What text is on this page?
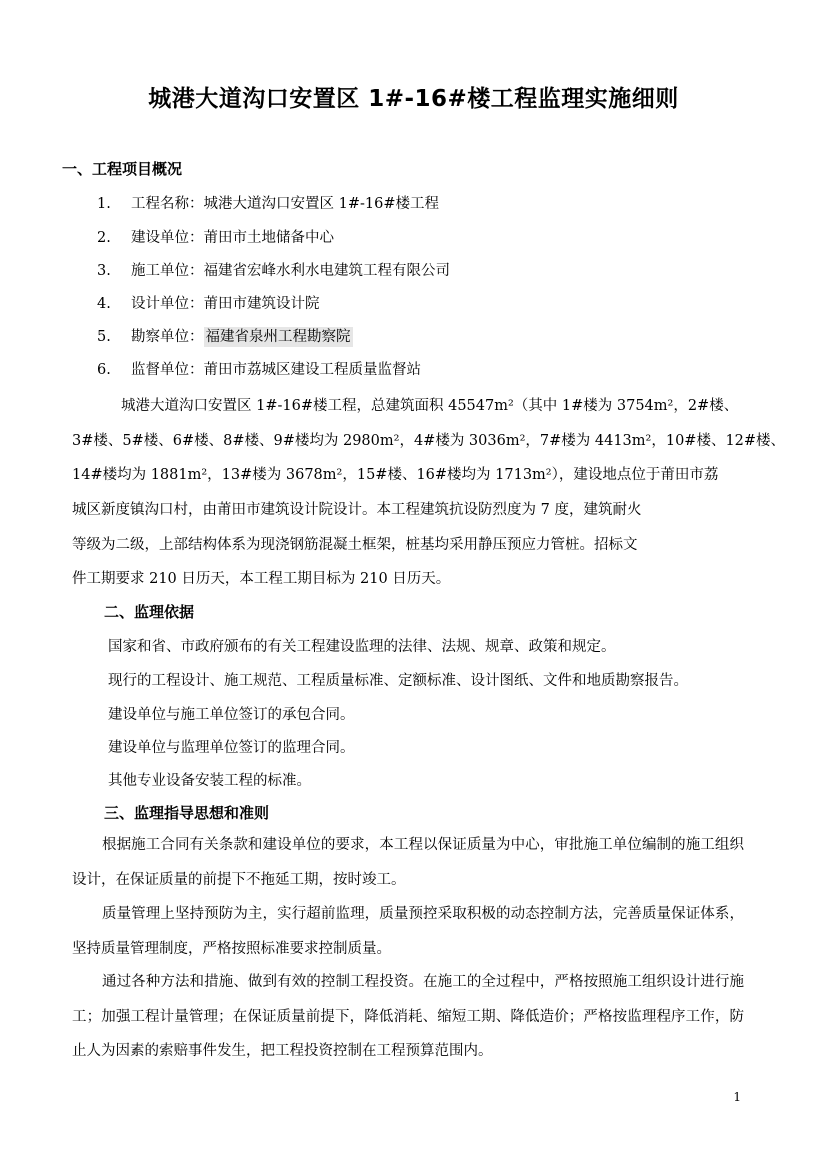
城港大道沟口安置区 1#-16#楼工程监理实施细则
一、工程项目概况
1. 工程名称：城港大道沟口安置区 1#-16#楼工程
2. 建设单位：莆田市土地储备中心
3. 施工单位：福建省宏峰水利水电建筑工程有限公司
4. 设计单位：莆田市建筑设计院
5. 勘察单位： 福建省泉州工程勘察院
6. 监督单位：莆田市荔城区建设工程质量监督站
城港大道沟口安置区 1#-16#楼工程，总建筑面积 45547m²（其中 1#楼为 3754m²，2#楼、
3#楼、5#楼、6#楼、8#楼、9#楼均为 2980m²，4#楼为 3036m²，7#楼为 4413m²，10#楼、12#楼、
14#楼均为 1881m²，13#楼为 3678m²，15#楼、16#楼均为 1713m²），建设地点位于莆田市荔
城区新度镇沟口村，由莆田市建筑设计院设计。本工程建筑抗设防烈度为 7 度，建筑耐火
等级为二级，上部结构体系为现浇钢筋混凝土框架，桩基均采用静压预应力管桩。招标文
件工期要求 210 日历天，本工程工期目标为 210 日历天。
二、监理依据
国家和省、市政府颁布的有关工程建设监理的法律、法规、规章、政策和规定。
现行的工程设计、施工规范、工程质量标准、定额标准、设计图纸、文件和地质勘察报告。
建设单位与施工单位签订的承包合同。
建设单位与监理单位签订的监理合同。
其他专业设备安装工程的标准。
三、监理指导思想和准则

根据施工合同有关条款和建设单位的要求，本工程以保证质量为中心，审批施工单位编制的施工组织设计，在保证质量的前提下不拖延工期，按时竣工。

质量管理上坚持预防为主，实行超前监理，质量预控采取积极的动态控制方法，完善质量保证体系，坚持质量管理制度，严格按照标准要求控制质量。

通过各种方法和措施、做到有效的控制工程投资。在施工的全过程中，严格按照施工组织设计进行施工；加强工程计量管理；在保证质量前提下，降低消耗、缩短工期、降低造价；严格按监理程序工作，防止人为因素的索赔事件发生，把工程投资控制在工程预算范围内。

1
